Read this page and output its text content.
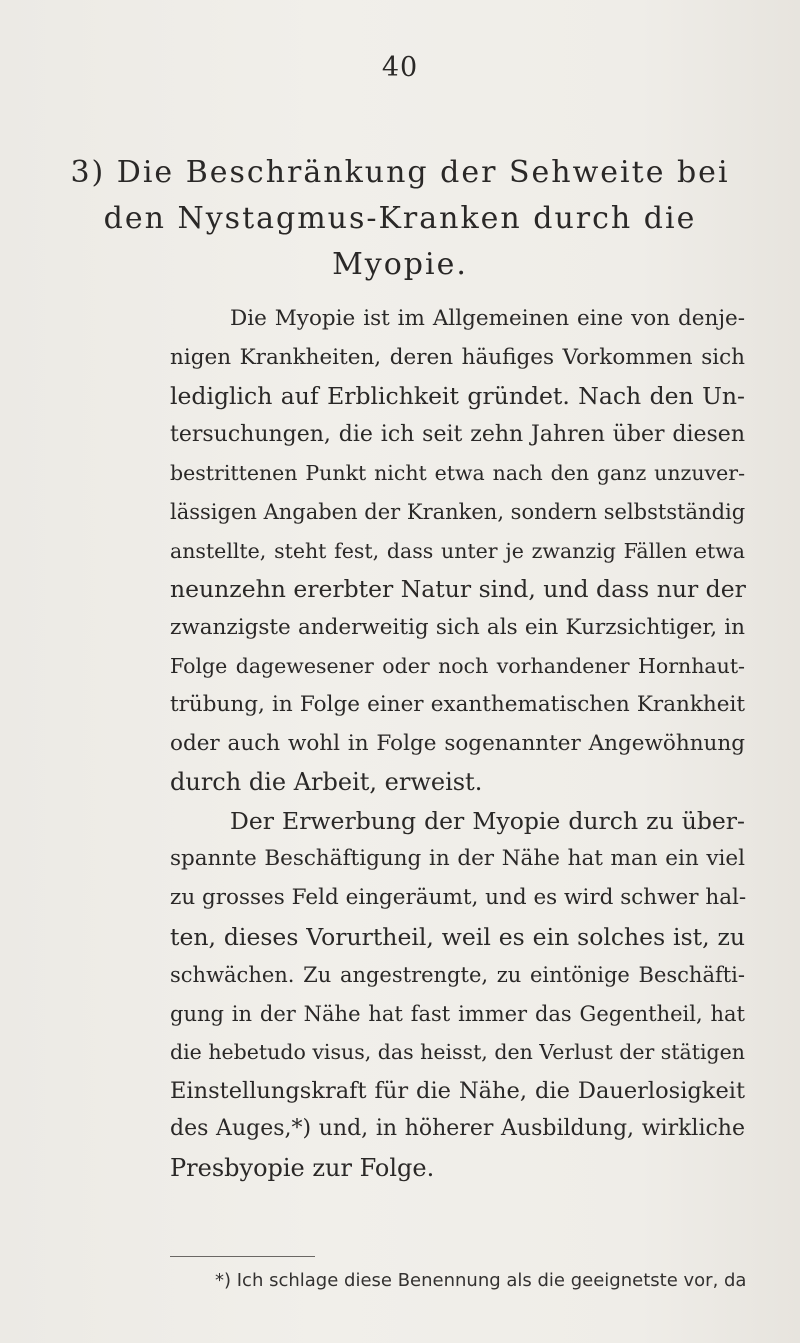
40
3) Die Beschränkung der Sehweite bei
den Nystagmus-Kranken durch die
Myopie.
Die Myopie ist im Allgemeinen eine von denje-
nigen Krankheiten, deren häufiges Vorkommen sich
lediglich auf Erblichkeit gründet. Nach den Un-
tersuchungen, die ich seit zehn Jahren über diesen
bestrittenen Punkt nicht etwa nach den ganz unzuver-
lässigen Angaben der Kranken, sondern selbstständig
anstellte, steht fest, dass unter je zwanzig Fällen etwa
neunzehn ererbter Natur sind, und dass nur der
zwanzigste anderweitig sich als ein Kurzsichtiger, in
Folge dagewesener oder noch vorhandener Hornhaut-
trübung, in Folge einer exanthematischen Krankheit
oder auch wohl in Folge sogenannter Angewöhnung
durch die Arbeit, erweist.
Der Erwerbung der Myopie durch zu über-
spannte Beschäftigung in der Nähe hat man ein viel
zu grosses Feld eingeräumt, und es wird schwer hal-
ten, dieses Vorurtheil, weil es ein solches ist, zu
schwächen. Zu angestrengte, zu eintönige Beschäfti-
gung in der Nähe hat fast immer das Gegentheil, hat
die hebetudo visus, das heisst, den Verlust der stätigen
Einstellungskraft für die Nähe, die Dauerlosigkeit
des Auges,*) und, in höherer Ausbildung, wirkliche
Presbyopie zur Folge.
*) Ich schlage diese Benennung als die geeignetste vor, da
